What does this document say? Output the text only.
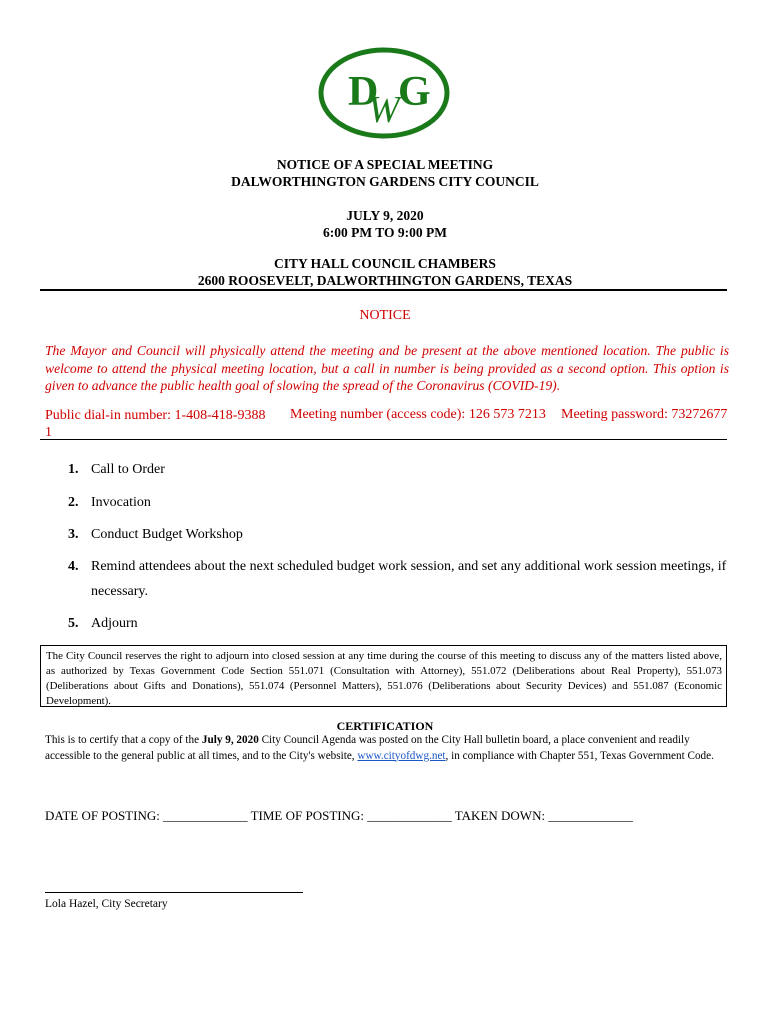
D G
W
NOTICE OF A SPECIAL MEETING
DALWORTHINGTON GARDENS CITY COUNCIL
JULY 9, 2020
6:00 PM TO 9:00 PM
CITY HALL COUNCIL CHAMBERS
2600 ROOSEVELT, DALWORTHINGTON GARDENS, TEXAS
NOTICE
The Mayor and Council will physically attend the meeting and be present at the above mentioned location. The public is welcome to attend the physical meeting location, but a call in number is being provided as a second option. This option is given to advance the public health goal of slowing the spread of the Coronavirus (COVID-19).
Public dial-in number: 1-408-418-9388
1
Meeting number (access code): 126 573 7213 Meeting password: 73272677
1. Call to Order
2. Invocation
3. Conduct Budget Workshop
4. Remind attendees about the next scheduled budget work session, and set any additional work session meetings, if necessary.
5. Adjourn
The City Council reserves the right to adjourn into closed session at any time during the course of this meeting to discuss any of the matters listed above, as authorized by Texas Government Code Section 551.071 (Consultation with Attorney), 551.072 (Deliberations about Real Property), 551.073 (Deliberations about Gifts and Donations), 551.074 (Personnel Matters), 551.076 (Deliberations about Security Devices) and 551.087 (Economic Development).
CERTIFICATION
This is to certify that a copy of the July 9, 2020 City Council Agenda was posted on the City Hall bulletin board, a place convenient and readily accessible to the general public at all times, and to the City's website, www.cityofdwg.net, in compliance with Chapter 551, Texas Government Code.
DATE OF POSTING: _____________ TIME OF POSTING: _____________ TAKEN DOWN: _____________
Lola Hazel, City Secretary
